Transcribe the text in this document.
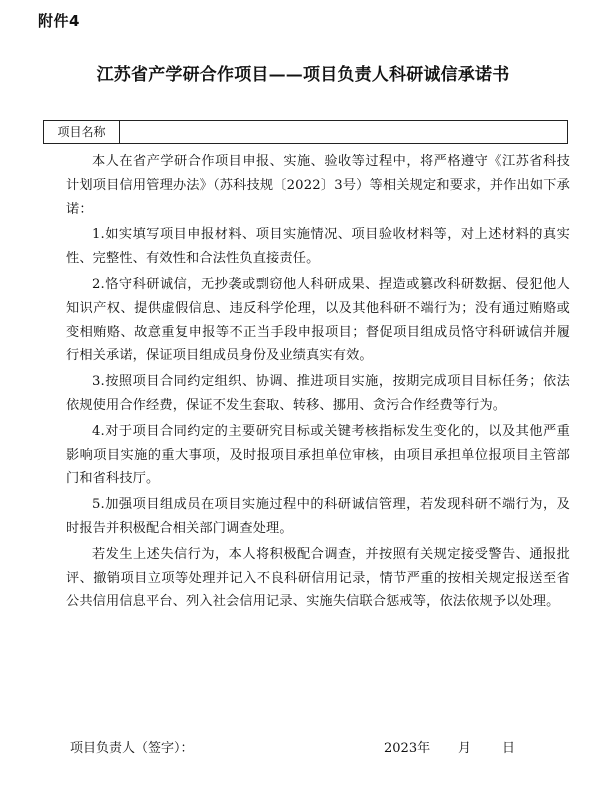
附件4
江苏省产学研合作项目——项目负责人科研诚信承诺书
项目名称

本人在省产学研合作项目申报、实施、验收等过程中，将严格遵守《江苏省科技计划项目信用管理办法》（苏科技规〔2022〕3号）等相关规定和要求，并作出如下承诺：

1.如实填写项目申报材料、项目实施情况、项目验收材料等，对上述材料的真实性、完整性、有效性和合法性负直接责任。

2.恪守科研诚信，无抄袭或剽窃他人科研成果、捏造或篡改科研数据、侵犯他人知识产权、提供虚假信息、违反科学伦理，以及其他科研不端行为；没有通过贿赂或变相贿赂、故意重复申报等不正当手段申报项目；督促项目组成员恪守科研诚信并履行相关承诺，保证项目组成员身份及业绩真实有效。

3.按照项目合同约定组织、协调、推进项目实施，按期完成项目目标任务；依法依规使用合作经费，保证不发生套取、转移、挪用、贪污合作经费等行为。

4.对于项目合同约定的主要研究目标或关键考核指标发生变化的，以及其他严重影响项目实施的重大事项，及时报项目承担单位审核，由项目承担单位报项目主管部门和省科技厅。

5.加强项目组成员在项目实施过程中的科研诚信管理，若发现科研不端行为，及时报告并积极配合相关部门调查处理。

若发生上述失信行为，本人将积极配合调查，并按照有关规定接受警告、通报批评、撤销项目立项等处理并记入不良科研信用记录，情节严重的按相关规定报送至省公共信用信息平台、列入社会信用记录、实施失信联合惩戒等，依法依规予以处理。

项目负责人（签字）：	2023年 月 日
